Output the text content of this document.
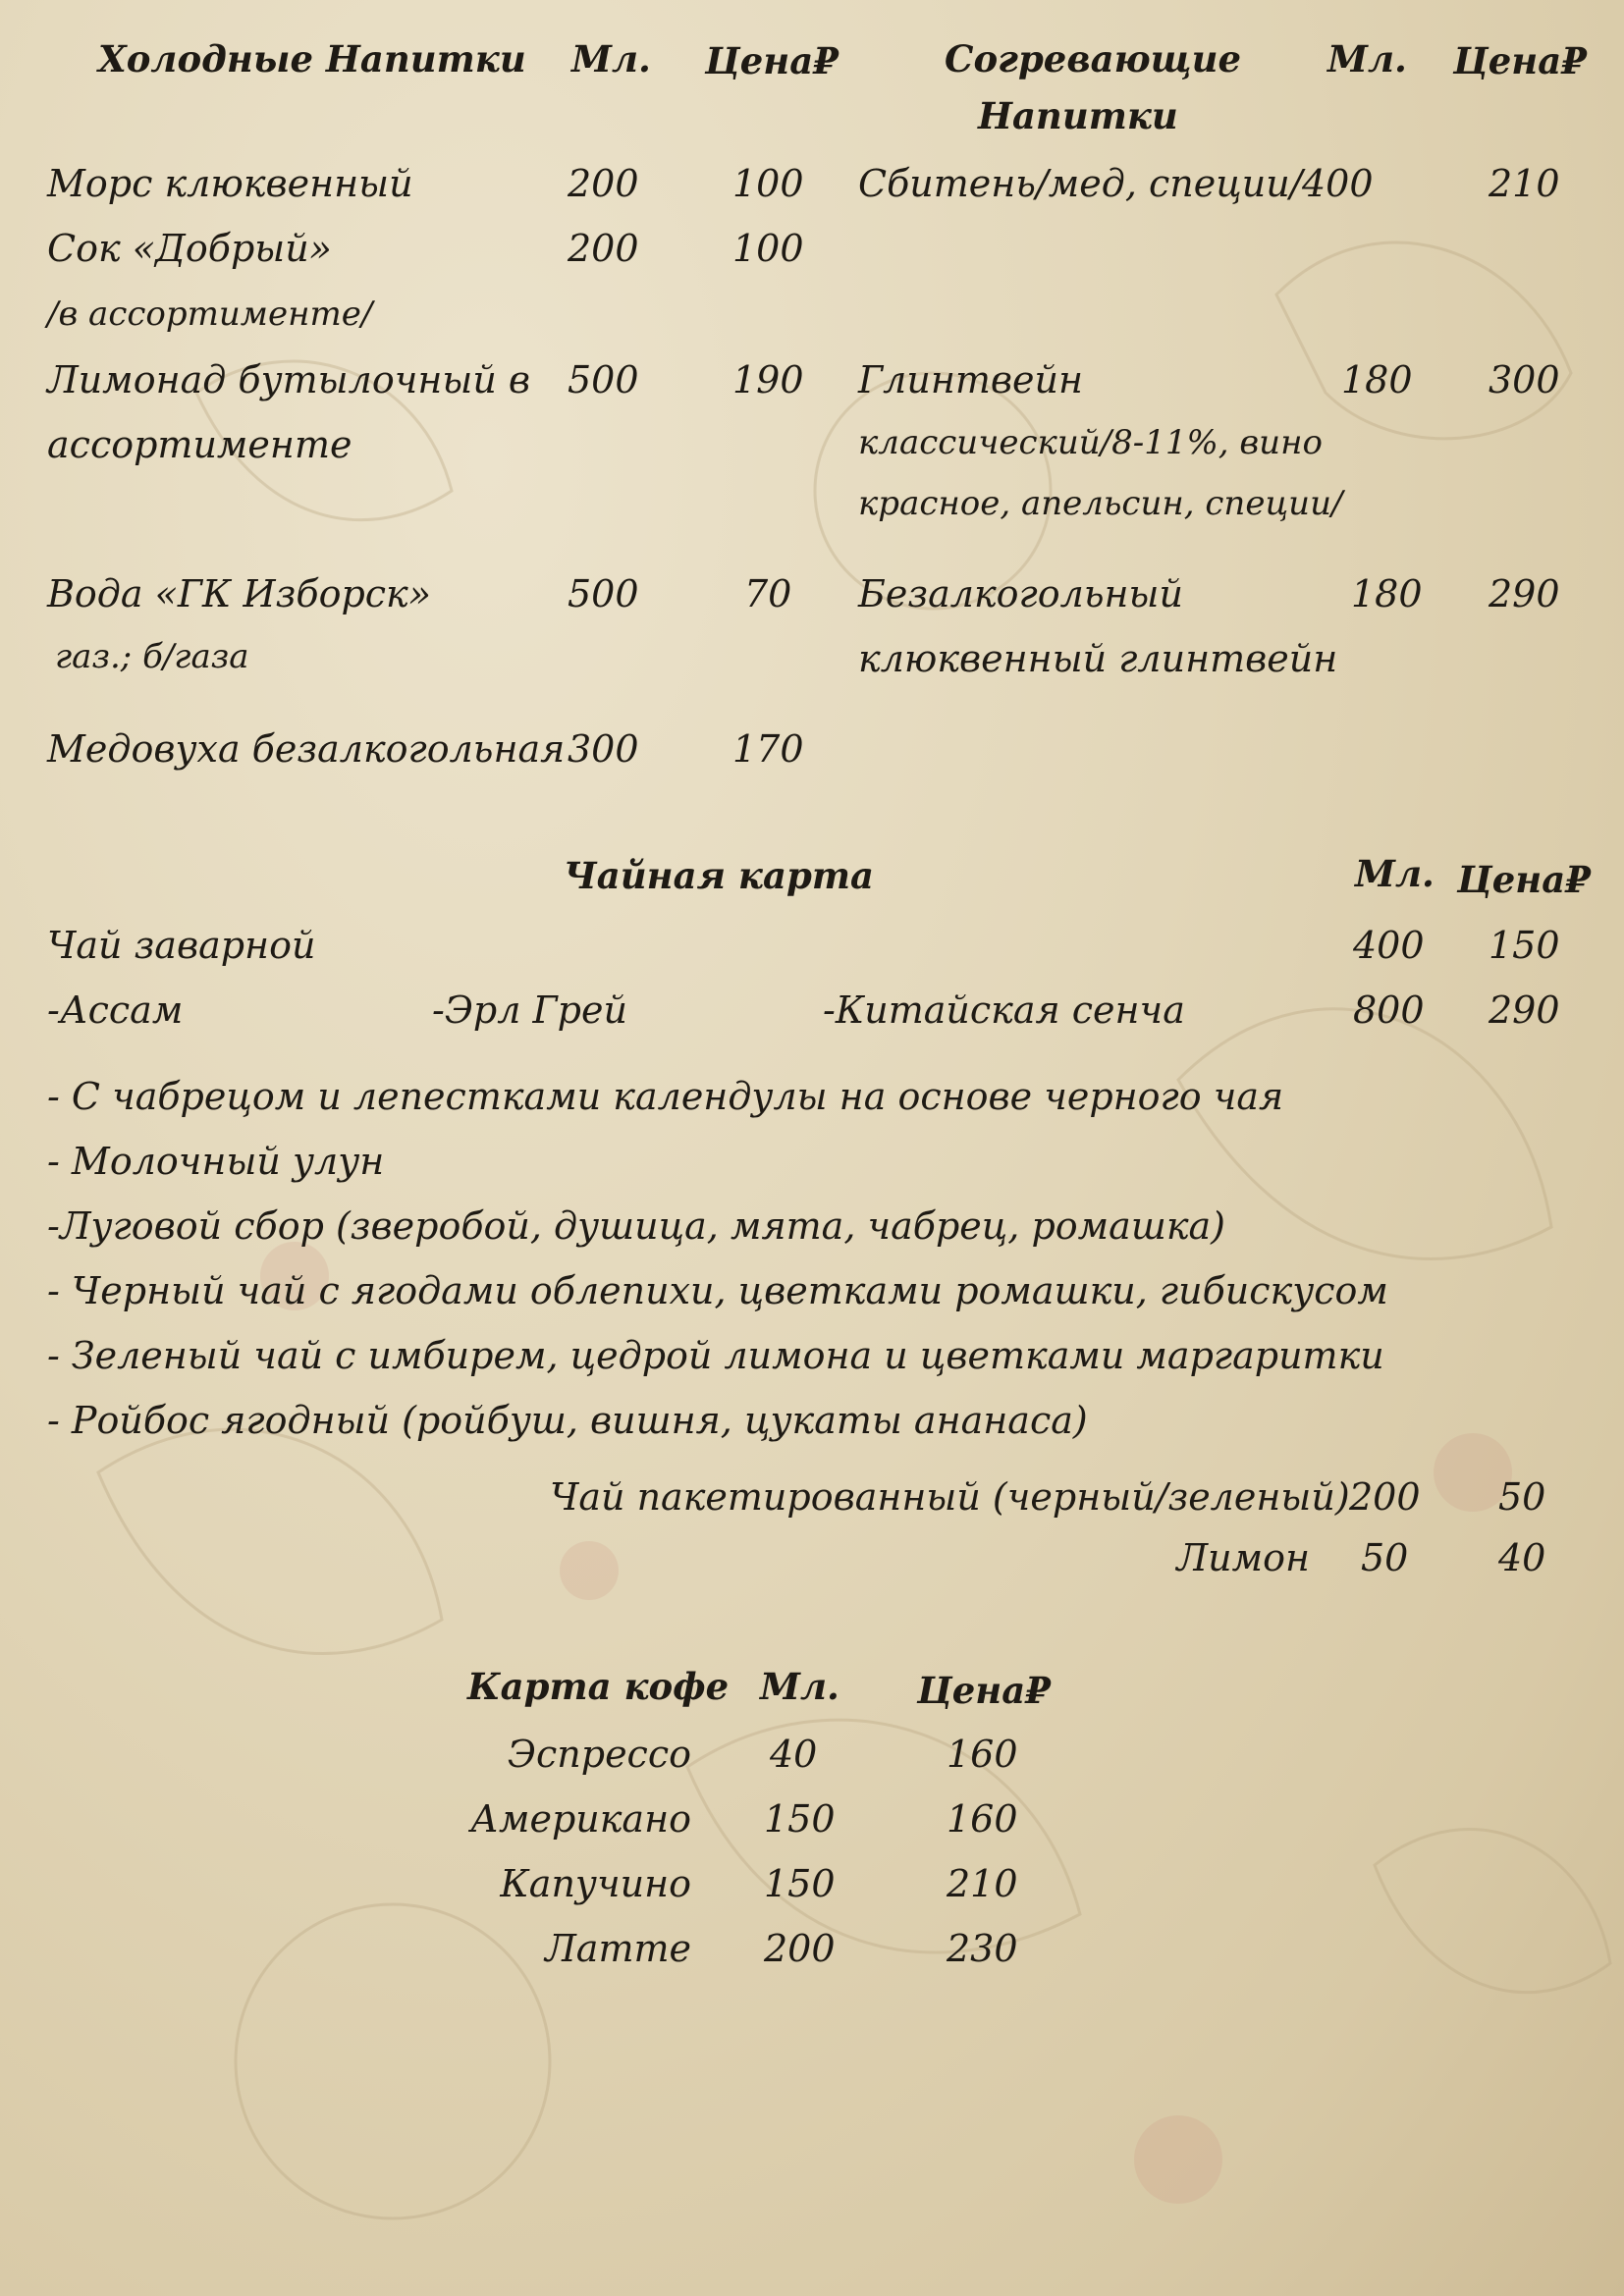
Холодные Напитки Мл. Цена₽
Морс клюквенный	200	100
Сок «Добрый»	200	100
/в ассортименте/
Лимонад бутылочный в
ассортименте
500	190
Вода «ГК Изборск»	500	70
газ.; б/газа
Медовуха безалкогольная 300	170
Согревающие
Напитки
Мл. Цена₽
Сбитень/мед, специи/ 400	210
Глинтвейн
классический/8-11%, вино
красное, апельсин, специи/
180 300
Безалкогольный
клюквенный глинтвейн
180 290
Чайная карта	Мл. Цена₽
Чай заварной	400 150
-Ассам	-Эрл Грей	-Китайская сенча	800 290
- С чабрецом и лепестками календулы на основе черного чая
- Молочный улун
-Луговой сбор (зверобой, душица, мята, чабрец, ромашка)
- Черный чай с ягодами облепихи, цветками ромашки, гибискусом
- Зеленый чай с имбирем, цедрой лимона и цветками маргаритки
- Ройбос ягодный (ройбуш, вишня, цукаты ананаса)
Чай пакетированный (черный/зеленый) 200 50
Лимон 50 40
Карта кофе Мл. Цена₽
Эспрессо 40	160
Американо 150	160
Капучино 150	210
Латте 200	230
